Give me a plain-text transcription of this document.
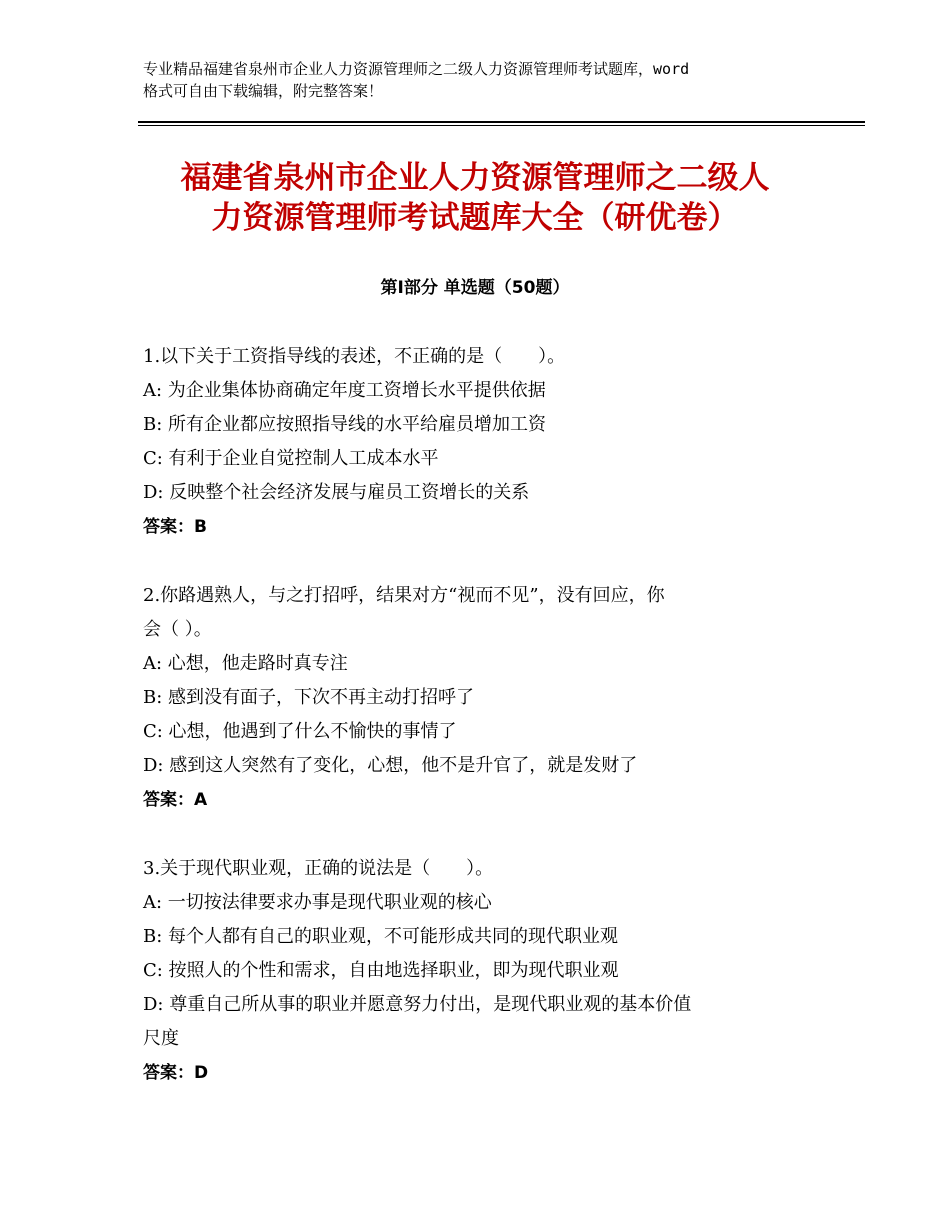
专业精品福建省泉州市企业人力资源管理师之二级人力资源管理师考试题库，word
格式可自由下载编辑，附完整答案！
福建省泉州市企业人力资源管理师之二级人
力资源管理师考试题库大全（研优卷）
第Ⅰ部分 单选题（50题）
1.以下关于工资指导线的表述，不正确的是（　　）。
A: 为企业集体协商确定年度工资增长水平提供依据
B: 所有企业都应按照指导线的水平给雇员增加工资
C: 有利于企业自觉控制人工成本水平
D: 反映整个社会经济发展与雇员工资增长的关系
答案：B
2.你路遇熟人，与之打招呼，结果对方“视而不见”，没有回应，你
会（ ）。
A: 心想，他走路时真专注
B: 感到没有面子，下次不再主动打招呼了
C: 心想，他遇到了什么不愉快的事情了
D: 感到这人突然有了变化，心想，他不是升官了，就是发财了
答案：A
3.关于现代职业观，正确的说法是（　　）。
A: 一切按法律要求办事是现代职业观的核心
B: 每个人都有自己的职业观，不可能形成共同的现代职业观
C: 按照人的个性和需求，自由地选择职业，即为现代职业观
D: 尊重自己所从事的职业并愿意努力付出，是现代职业观的基本价值
尺度
答案：D
